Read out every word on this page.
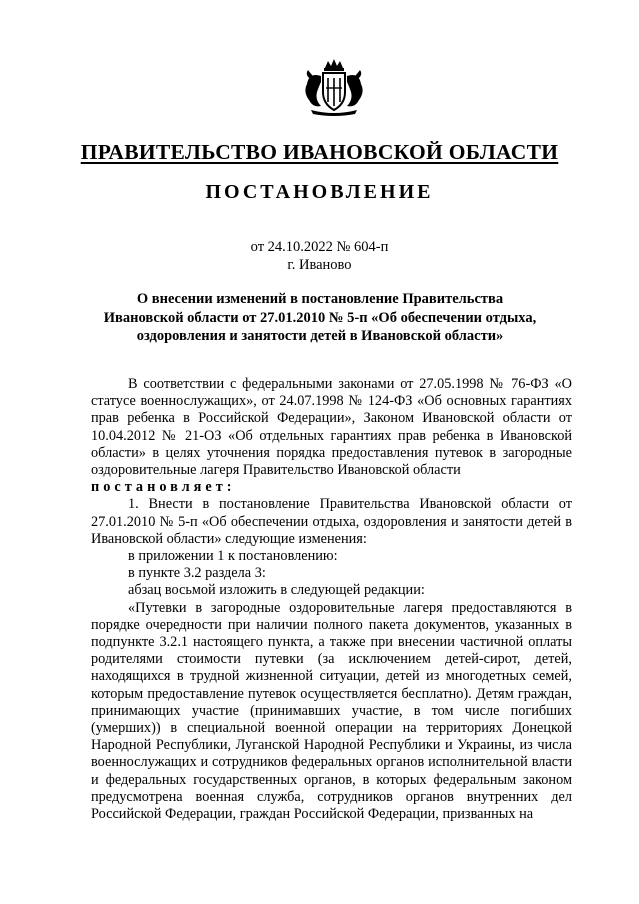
ПРАВИТЕЛЬСТВО ИВАНОВСКОЙ ОБЛАСТИ
ПОСТАНОВЛЕНИЕ
от 24.10.2022 № 604-п
г. Иваново
О внесении изменений в постановление Правительства
Ивановской области от 27.01.2010 № 5-п «Об обеспечении отдыха,
оздоровления и занятости детей в Ивановской области»

В соответствии с федеральными законами от 27.05.1998 № 76-ФЗ «О статусе военнослужащих», от 24.07.1998 № 124-ФЗ «Об основных гарантиях прав ребенка в Российской Федерации», Законом Ивановской области от 10.04.2012 № 21-ОЗ «Об отдельных гарантиях прав ребенка в Ивановской области» в целях уточнения порядка предоставления путевок в загородные оздоровительные лагеря Правительство Ивановской области

постановляет:

1. Внести в постановление Правительства Ивановской области от 27.01.2010 № 5-п «Об обеспечении отдыха, оздоровления и занятости детей в Ивановской области» следующие изменения:

в приложении 1 к постановлению:

в пункте 3.2 раздела 3:

абзац восьмой изложить в следующей редакции:

«Путевки в загородные оздоровительные лагеря предоставляются в порядке очередности при наличии полного пакета документов, указанных в подпункте 3.2.1 настоящего пункта, а также при внесении частичной оплаты родителями стоимости путевки (за исключением детей-сирот, детей, находящихся в трудной жизненной ситуации, детей из многодетных семей, которым предоставление путевок осуществляется бесплатно). Детям граждан, принимающих участие (принимавших участие, в том числе погибших (умерших)) в специальной военной операции на территориях Донецкой Народной Республики, Луганской Народной Республики и Украины, из числа военнослужащих и сотрудников федеральных органов исполнительной власти и федеральных государственных органов, в которых федеральным законом предусмотрена военная служба, сотрудников органов внутренних дел Российской Федерации, граждан Российской Федерации, призванных на
